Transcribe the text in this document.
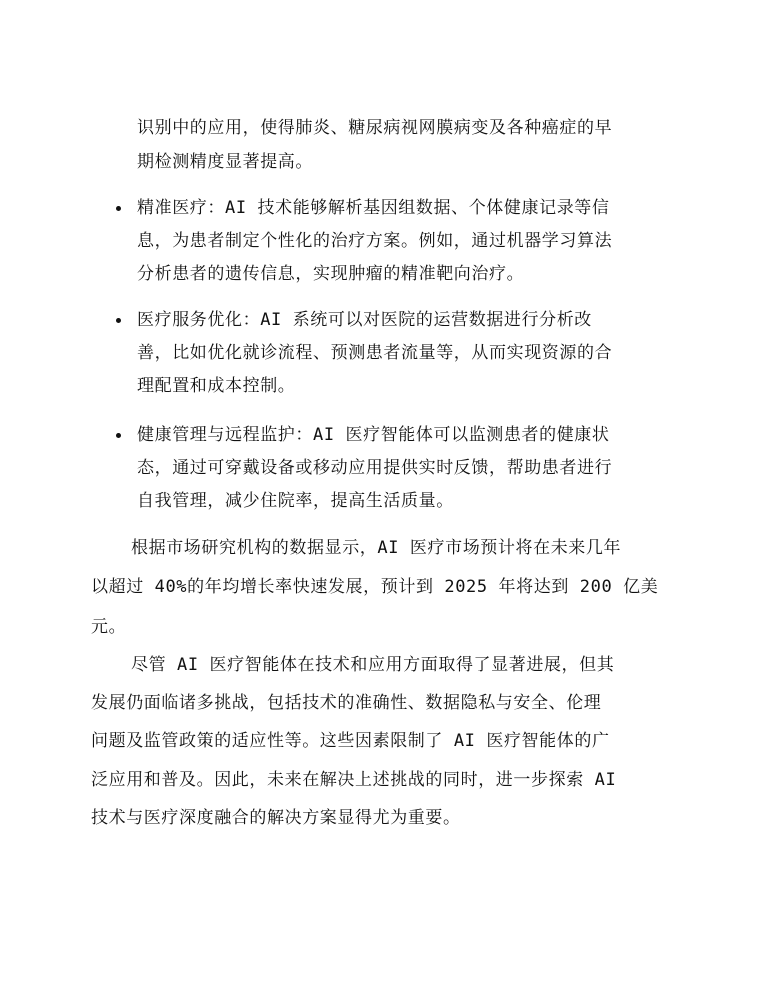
识别中的应用，使得肺炎、糖尿病视网膜病变及各种癌症的早
期检测精度显著提高。
精准医疗：AI 技术能够解析基因组数据、个体健康记录等信
息，为患者制定个性化的治疗方案。例如，通过机器学习算法
分析患者的遗传信息，实现肿瘤的精准靶向治疗。
医疗服务优化：AI 系统可以对医院的运营数据进行分析改
善，比如优化就诊流程、预测患者流量等，从而实现资源的合
理配置和成本控制。
健康管理与远程监护：AI 医疗智能体可以监测患者的健康状
态，通过可穿戴设备或移动应用提供实时反馈，帮助患者进行
自我管理，减少住院率，提高生活质量。
根据市场研究机构的数据显示，AI 医疗市场预计将在未来几年
以超过 40%的年均增长率快速发展，预计到 2025 年将达到 200 亿美
元。
尽管 AI 医疗智能体在技术和应用方面取得了显著进展，但其
发展仍面临诸多挑战，包括技术的准确性、数据隐私与安全、伦理
问题及监管政策的适应性等。这些因素限制了 AI 医疗智能体的广
泛应用和普及。因此，未来在解决上述挑战的同时，进一步探索 AI
技术与医疗深度融合的解决方案显得尤为重要。
